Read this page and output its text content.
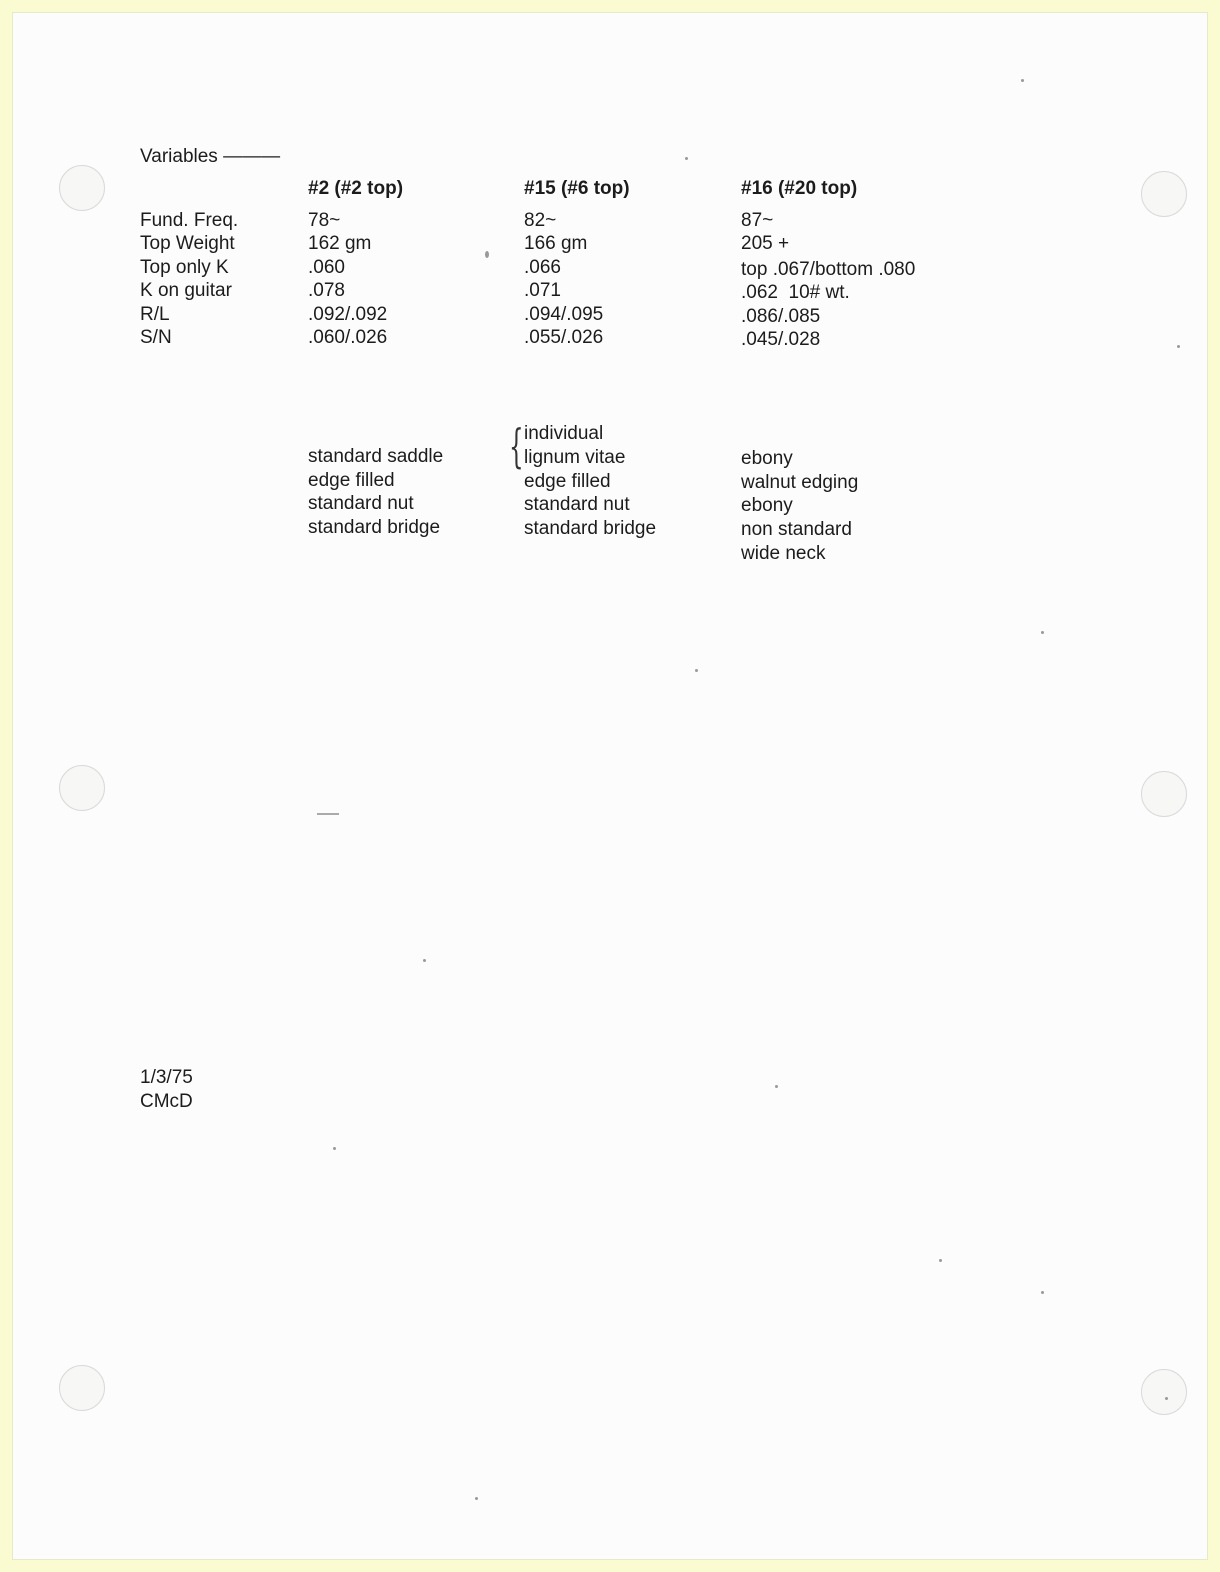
Variables ———
#2 (#2 top)	#15 (#6 top)	#16 (#20 top)
Fund. Freq.
Top Weight
Top only K
K on guitar
R/L
S/N
78~
162 gm
.060
.078
.092/.092
.060/.026
82~
166 gm
.066
.071
.094/.095
.055/.026
87~
205 +
top .067/bottom .080
.062  10# wt.
.086/.085
.045/.028
standard saddle
edge filled
standard nut
standard bridge
{ individual
lignum vitae
edge filled
standard nut
standard bridge
ebony
walnut edging
ebony
non standard
wide neck
1/3/75
CMcD
